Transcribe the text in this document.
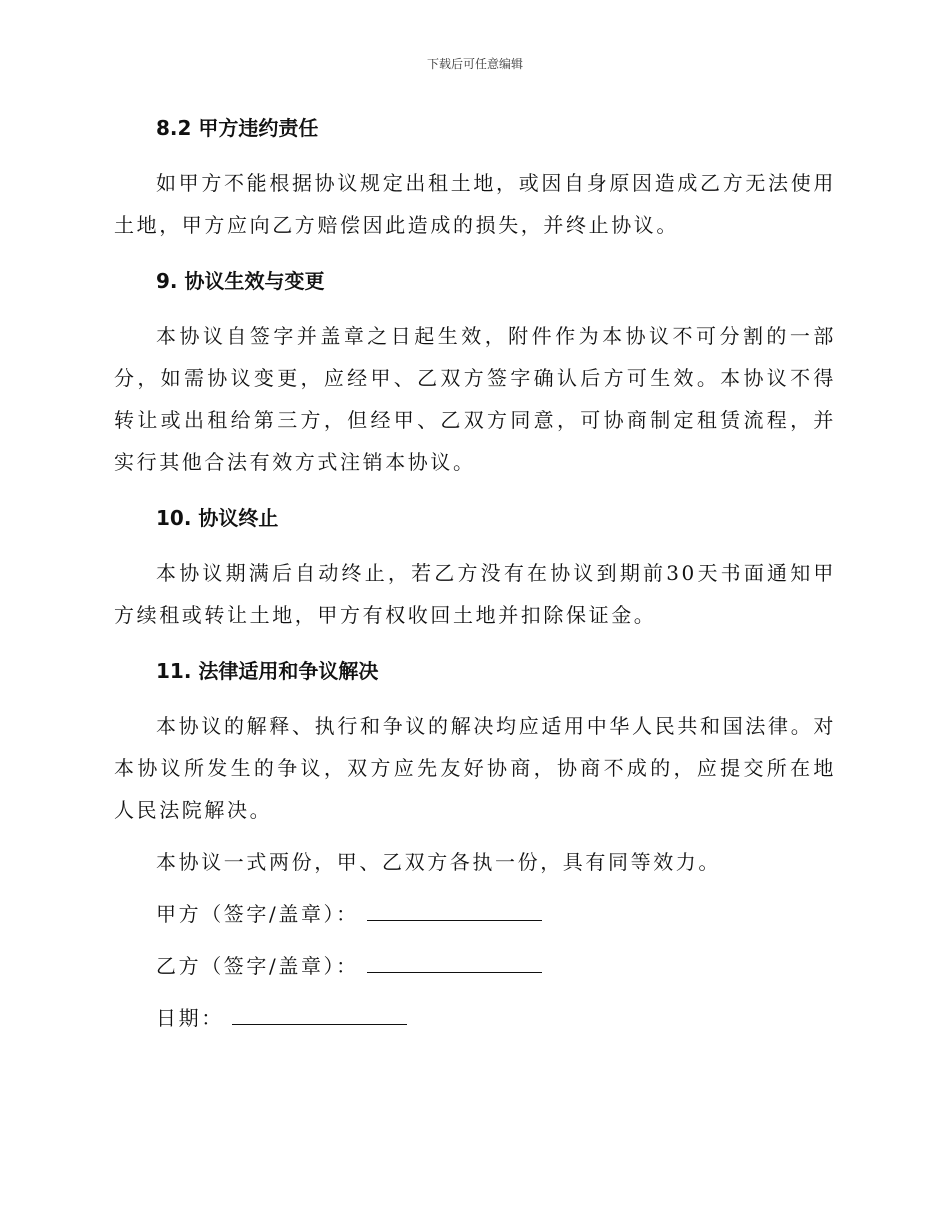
下载后可任意编辑

8.2 甲方违约责任

如甲方不能根据协议规定出租土地，或因自身原因造成乙方无法使用土地，甲方应向乙方赔偿因此造成的损失，并终止协议。

9. 协议生效与变更

本协议自签字并盖章之日起生效，附件作为本协议不可分割的一部分，如需协议变更，应经甲、乙双方签字确认后方可生效。本协议不得转让或出租给第三方，但经甲、乙双方同意，可协商制定租赁流程，并实行其他合法有效方式注销本协议。

10. 协议终止

本协议期满后自动终止，若乙方没有在协议到期前30天书面通知甲方续租或转让土地，甲方有权收回土地并扣除保证金。

11. 法律适用和争议解决

本协议的解释、执行和争议的解决均应适用中华人民共和国法律。对本协议所发生的争议，双方应先友好协商，协商不成的，应提交所在地人民法院解决。

本协议一式两份，甲、乙双方各执一份，具有同等效力。

甲方（签字/盖章）：

乙方（签字/盖章）：

日期：
